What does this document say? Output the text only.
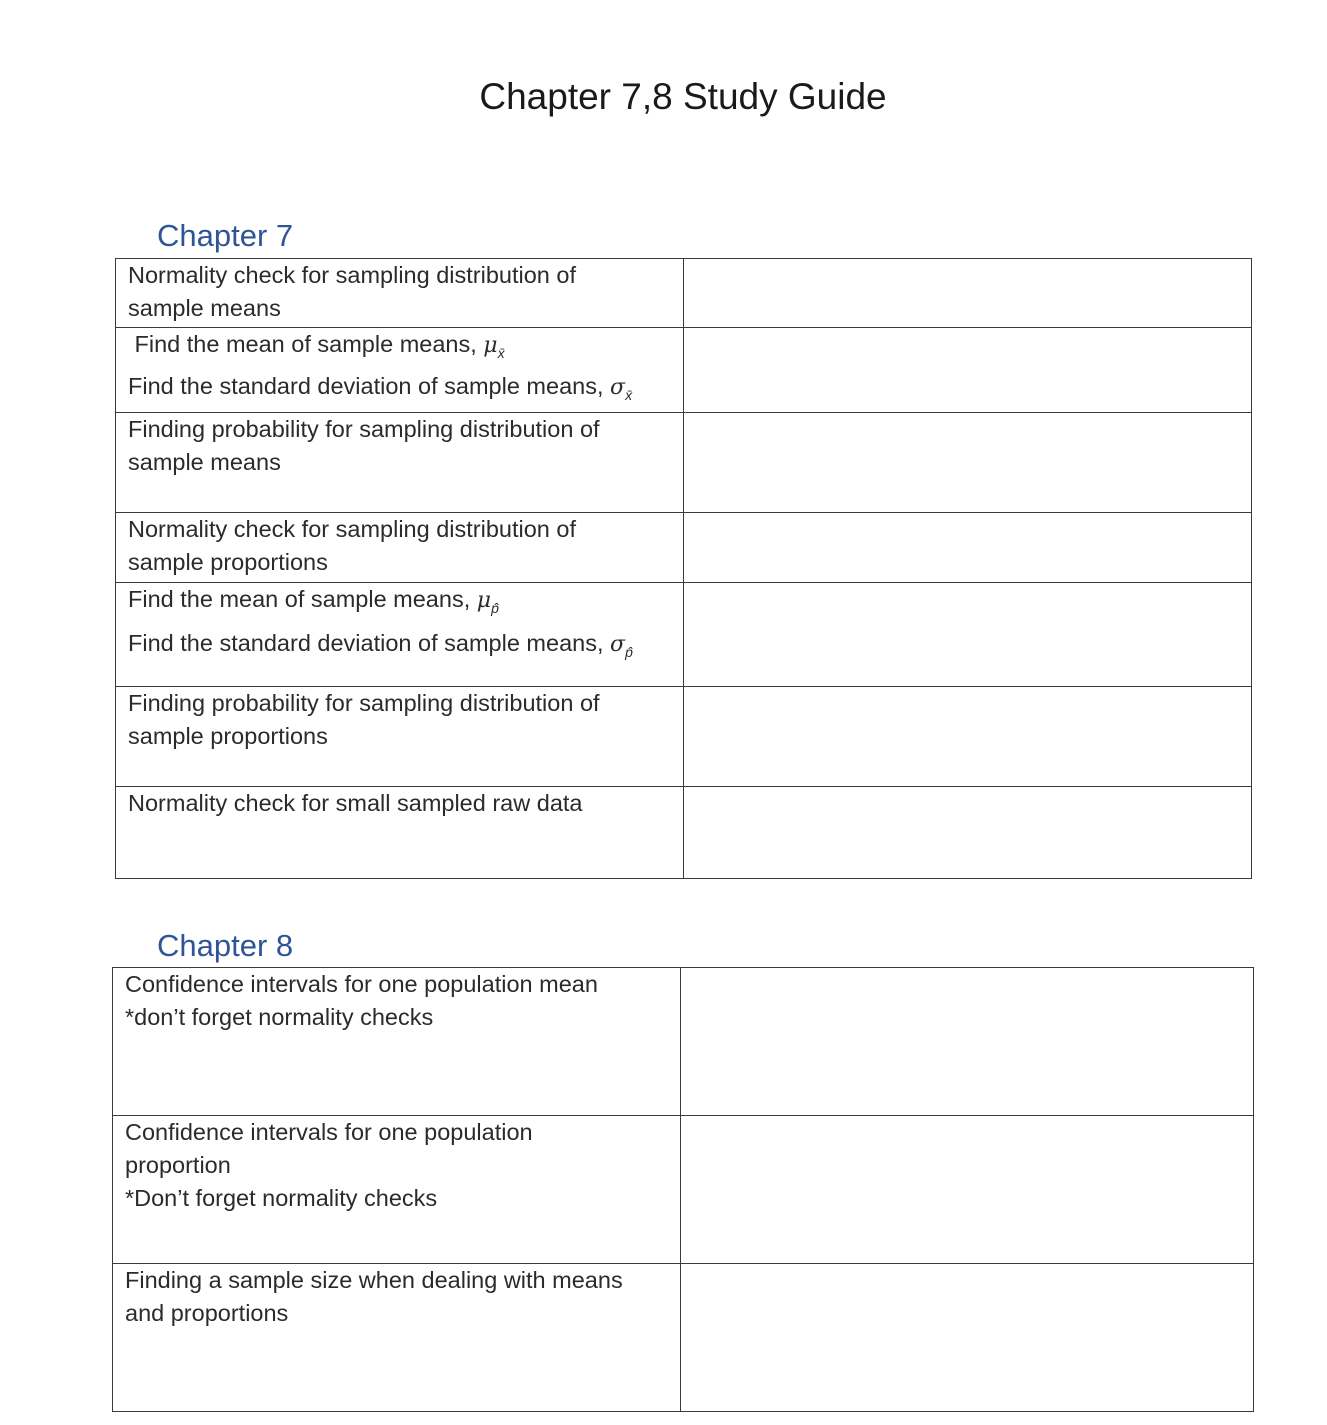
Chapter 7,8 Study Guide
Chapter 7
Normality check for sampling distribution of
sample means	

Find the mean of sample means, $\mu_{x̄}$
Find the standard deviation of sample means, $\sigma_{x̄}$

Finding probability for sampling distribution of
sample means	

Normality check for sampling distribution of
sample proportions	

Find the mean of sample means, $\mu_{p̂}$
Find the standard deviation of sample means, $\sigma_{p̂}$

Finding probability for sampling distribution of
sample proportions	

Normality check for small sampled raw data	

Chapter 8
Confidence intervals for one population mean
*don’t forget normality checks	

Confidence intervals for one population
proportion
*Don’t forget normality checks	

Finding a sample size when dealing with means
and proportions	
